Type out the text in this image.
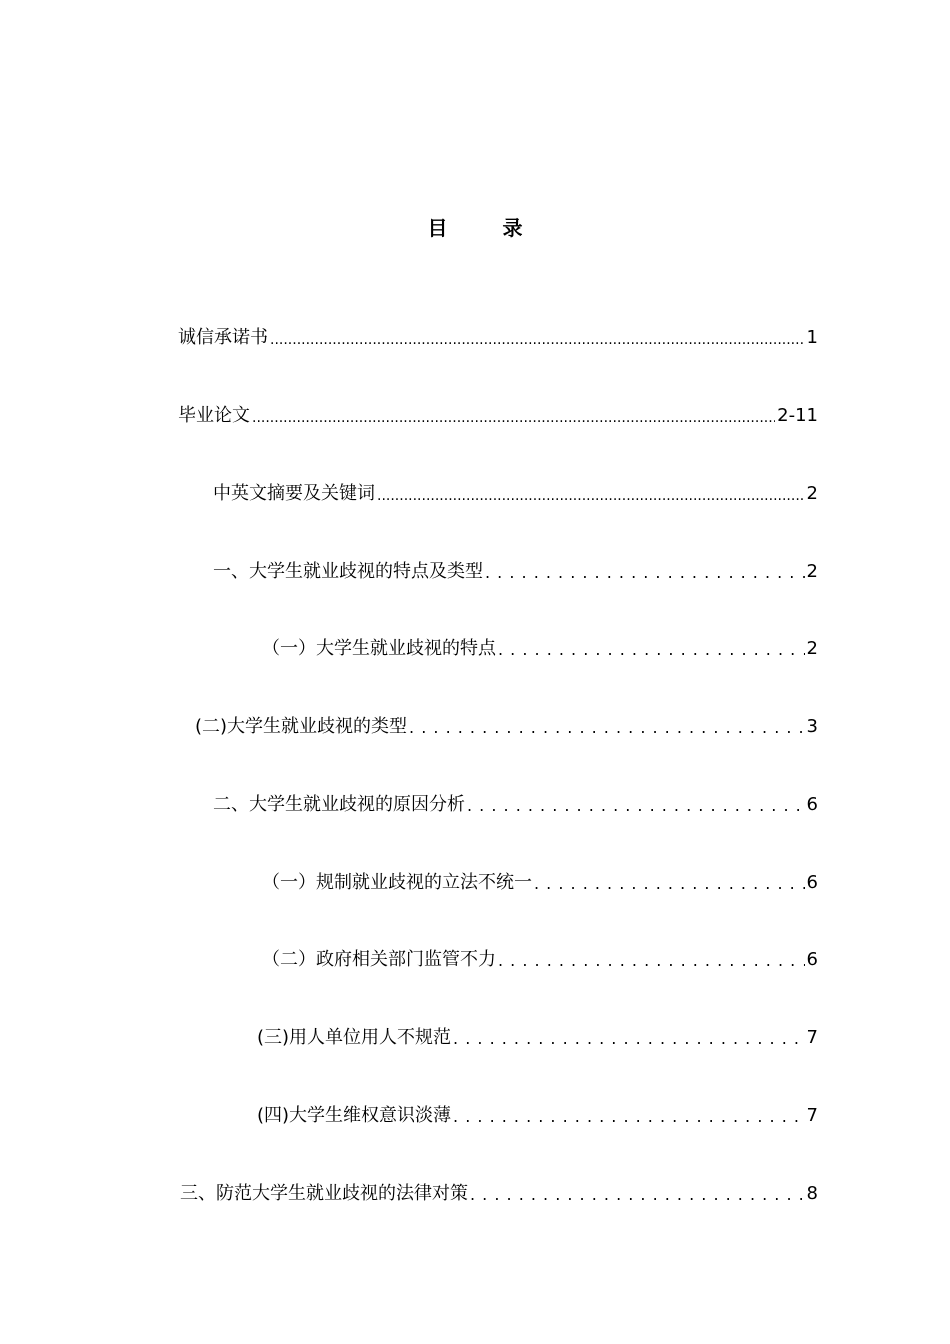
目 录
诚信承诺书 .....	1
毕业论文 .....	2-11
中英文摘要及关键词 .....	2
一、大学生就业歧视的特点及类型 . . .	2
（一）大学生就业歧视的特点 . . .	2
(二)大学生就业歧视的类型 . . .	3
二、大学生就业歧视的原因分析 . . .	6
（一）规制就业歧视的立法不统一 . . .	6
（二）政府相关部门监管不力 . . .	6
(三)用人单位用人不规范 . . .	7
(四)大学生维权意识淡薄 . . .	7
三、防范大学生就业歧视的法律对策 . . .	8
